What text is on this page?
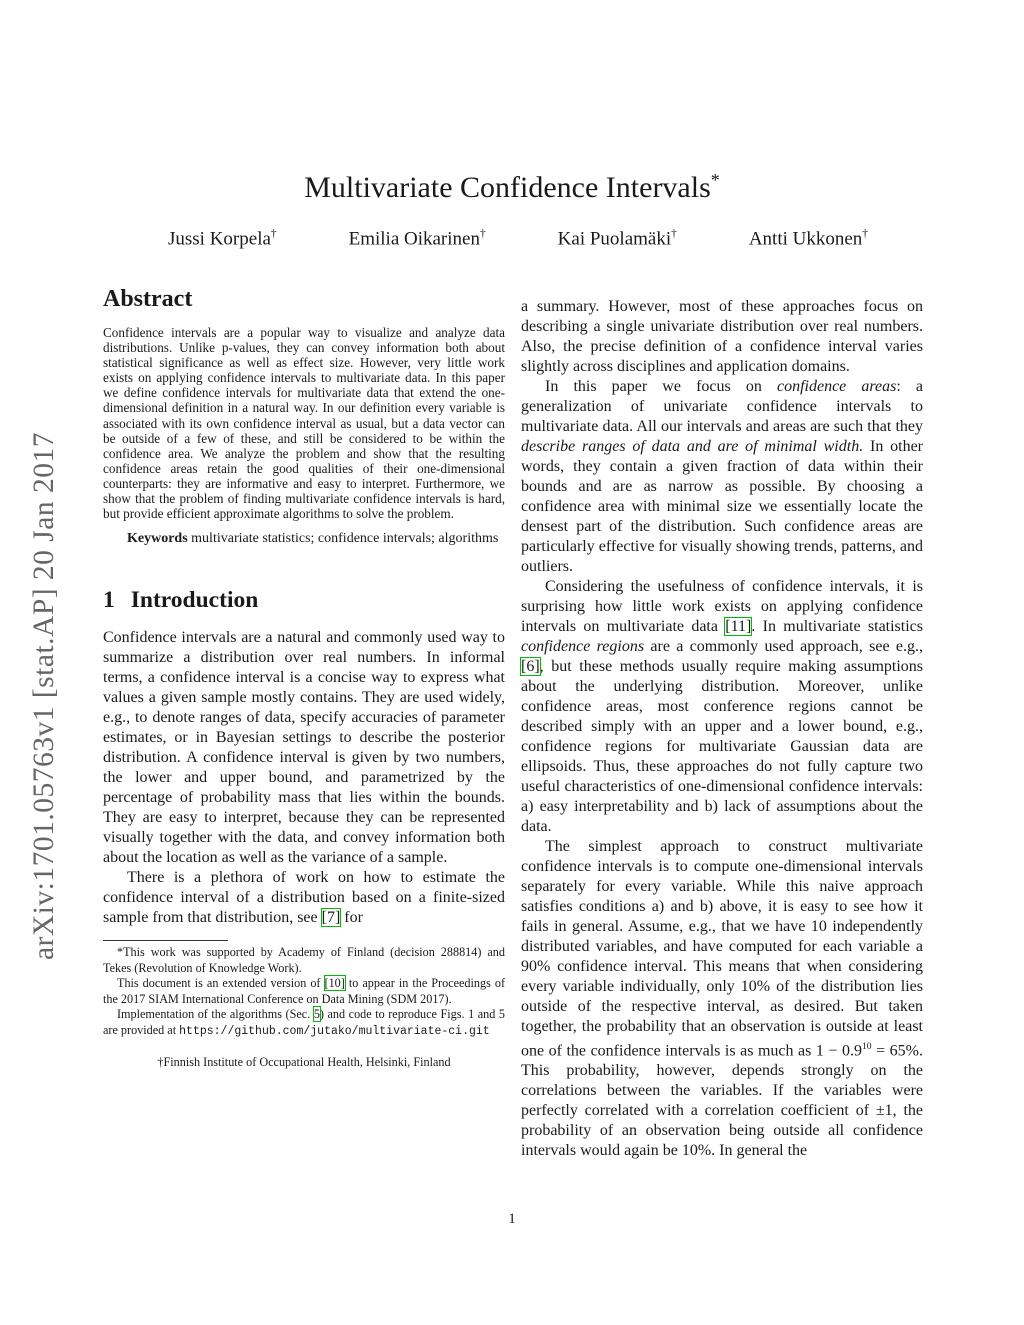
arXiv:1701.05763v1 [stat.AP] 20 Jan 2017
Multivariate Confidence Intervals*
Jussi Korpela†	Emilia Oikarinen†	Kai Puolamäki†	Antti Ukkonen†
Abstract

Confidence intervals are a popular way to visualize and analyze data distributions. Unlike p-values, they can convey information both about statistical significance as well as effect size. However, very little work exists on applying confidence intervals to multivariate data. In this paper we define confidence intervals for multivariate data that extend the one-dimensional definition in a natural way. In our definition every variable is associated with its own confidence interval as usual, but a data vector can be outside of a few of these, and still be considered to be within the confidence area. We analyze the problem and show that the resulting confidence areas retain the good qualities of their one-dimensional counterparts: they are informative and easy to interpret. Furthermore, we show that the problem of finding multivariate confidence intervals is hard, but provide efficient approximate algorithms to solve the problem.

Keywords multivariate statistics; confidence intervals; algorithms

1 Introduction

Confidence intervals are a natural and commonly used way to summarize a distribution over real numbers. In informal terms, a confidence interval is a concise way to express what values a given sample mostly contains. They are used widely, e.g., to denote ranges of data, specify accuracies of parameter estimates, or in Bayesian settings to describe the posterior distribution. A confidence interval is given by two numbers, the lower and upper bound, and parametrized by the percentage of probability mass that lies within the bounds. They are easy to interpret, because they can be represented visually together with the data, and convey information both about the location as well as the variance of a sample.

There is a plethora of work on how to estimate the confidence interval of a distribution based on a finite-sized sample from that distribution, see [7] for

*This work was supported by Academy of Finland (decision 288814) and Tekes (Revolution of Knowledge Work).

This document is an extended version of [10] to appear in the Proceedings of the 2017 SIAM International Conference on Data Mining (SDM 2017).

Implementation of the algorithms (Sec. 5) and code to reproduce Figs. 1 and 5 are provided at https://github.com/jutako/multivariate-ci.git

†Finnish Institute of Occupational Health, Helsinki, Finland

a summary. However, most of these approaches focus on describing a single univariate distribution over real numbers. Also, the precise definition of a confidence interval varies slightly across disciplines and application domains.

In this paper we focus on confidence areas: a generalization of univariate confidence intervals to multivariate data. All our intervals and areas are such that they describe ranges of data and are of minimal width. In other words, they contain a given fraction of data within their bounds and are as narrow as possible. By choosing a confidence area with minimal size we essentially locate the densest part of the distribution. Such confidence areas are particularly effective for visually showing trends, patterns, and outliers.

Considering the usefulness of confidence intervals, it is surprising how little work exists on applying confidence intervals on multivariate data [11]. In multivariate statistics confidence regions are a commonly used approach, see e.g., [6], but these methods usually require making assumptions about the underlying distribution. Moreover, unlike confidence areas, most conference regions cannot be described simply with an upper and a lower bound, e.g., confidence regions for multivariate Gaussian data are ellipsoids. Thus, these approaches do not fully capture two useful characteristics of one-dimensional confidence intervals: a) easy interpretability and b) lack of assumptions about the data.

The simplest approach to construct multivariate confidence intervals is to compute one-dimensional intervals separately for every variable. While this naive approach satisfies conditions a) and b) above, it is easy to see how it fails in general. Assume, e.g., that we have 10 independently distributed variables, and have computed for each variable a 90% confidence interval. This means that when considering every variable individually, only 10% of the distribution lies outside of the respective interval, as desired. But taken together, the probability that an observation is outside at least one of the confidence intervals is as much as $1 - 0.9^{10} = 65\%$. This probability, however, depends strongly on the correlations between the variables. If the variables were perfectly correlated with a correlation coefficient of ±1, the probability of an observation being outside all confidence intervals would again be 10%. In general the

1
